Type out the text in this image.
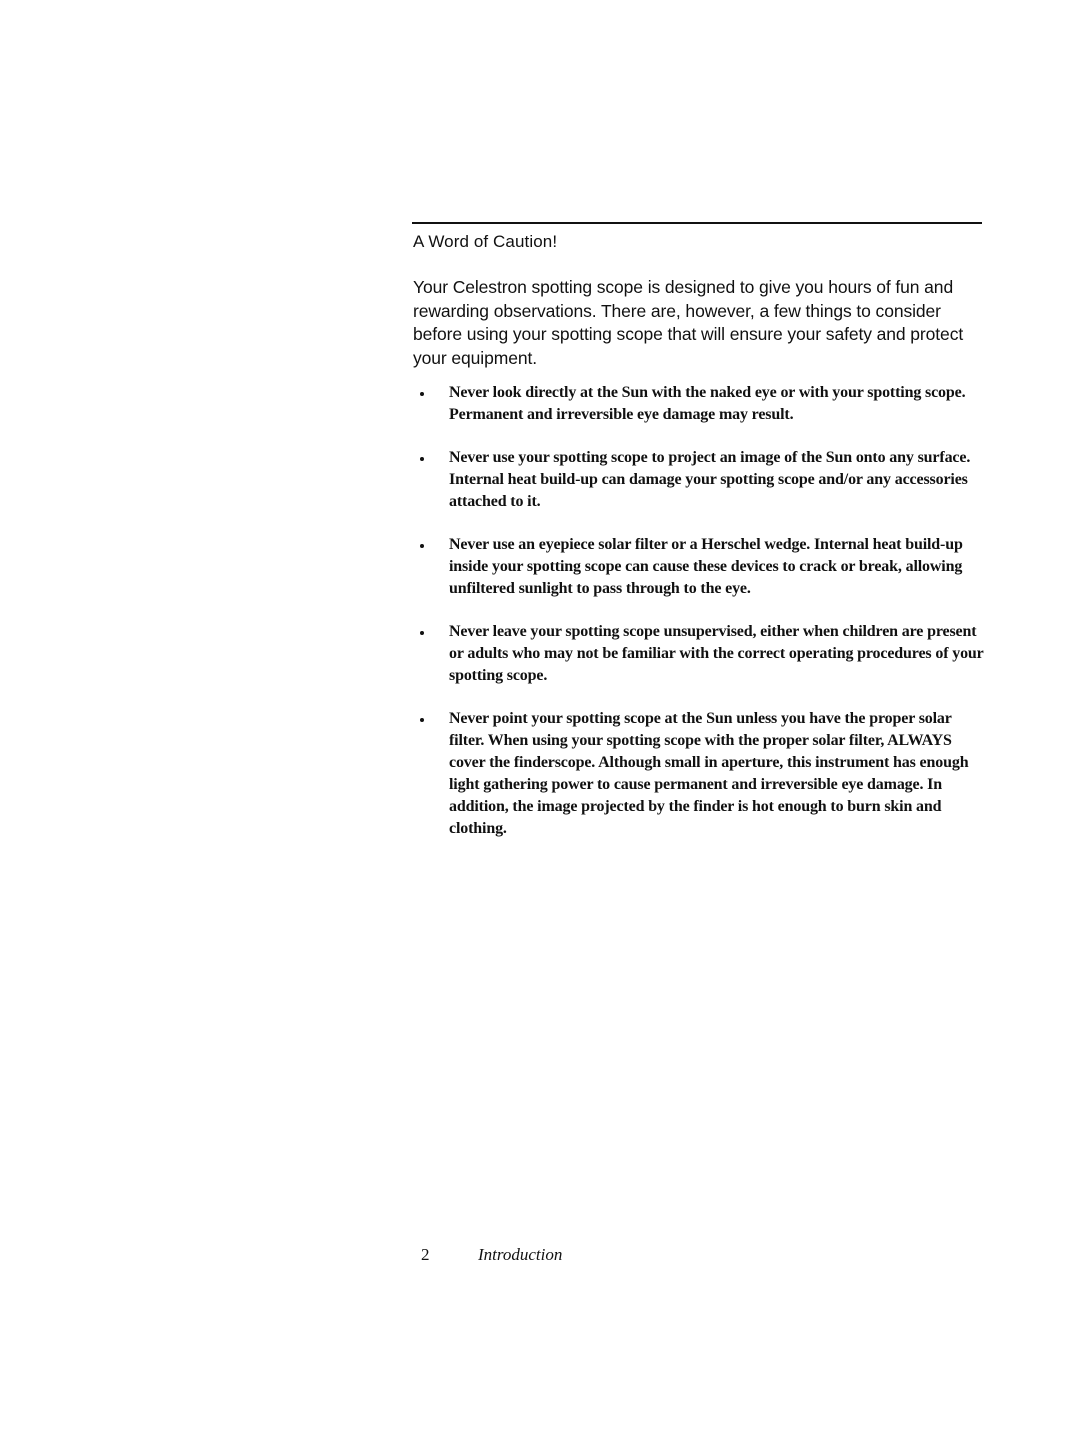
A Word of Caution!

Your Celestron spotting scope is designed to give you hours of fun and rewarding observations. There are, however, a few things to consider before using your spotting scope that will ensure your safety and protect your equipment.

Never look directly at the Sun with the naked eye or with your spotting scope. Permanent and irreversible eye damage may result.
Never use your spotting scope to project an image of the Sun onto any surface. Internal heat build-up can damage your spotting scope and/or any accessories attached to it.
Never use an eyepiece solar filter or a Herschel wedge. Internal heat build-up inside your spotting scope can cause these devices to crack or break, allowing unfiltered sunlight to pass through to the eye.
Never leave your spotting scope unsupervised, either when children are present or adults who may not be familiar with the correct operating procedures of your spotting scope.
Never point your spotting scope at the Sun unless you have the proper solar filter. When using your spotting scope with the proper solar filter, ALWAYS cover the finderscope. Although small in aperture, this instrument has enough light gathering power to cause permanent and irreversible eye damage. In addition, the image projected by the finder is hot enough to burn skin and clothing.
2	Introduction
